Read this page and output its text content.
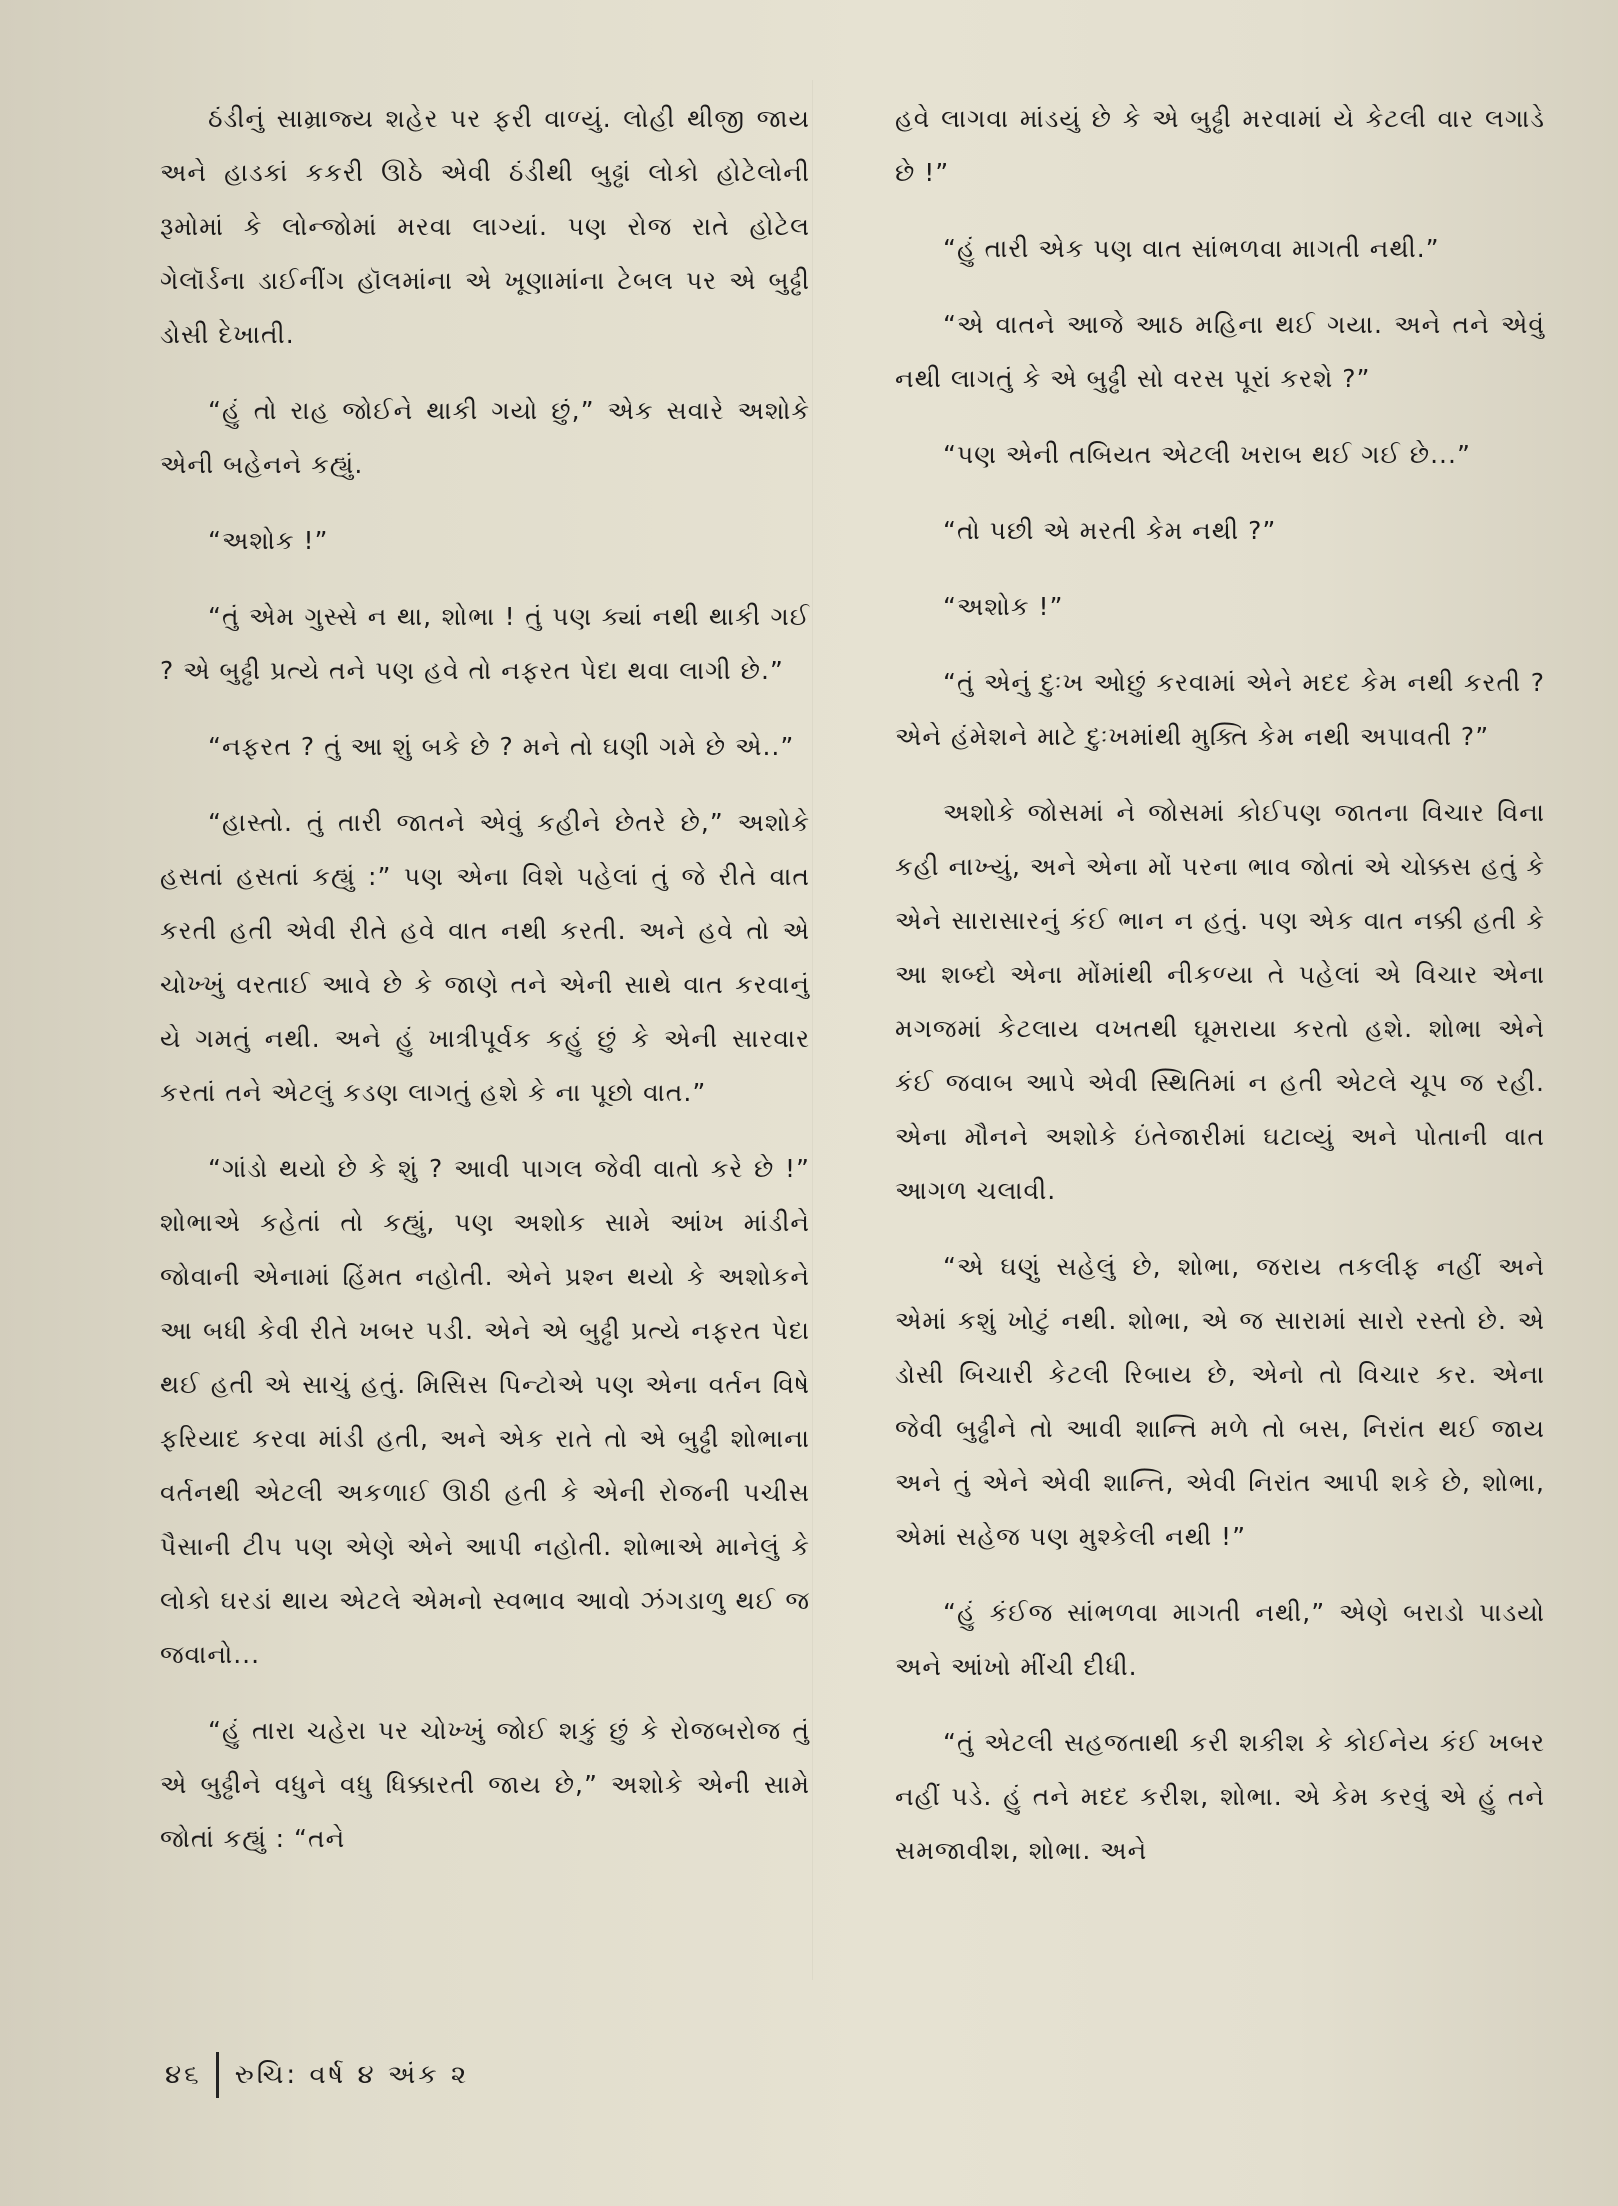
ઠંડીનું સામ્રાજ્ય શહેર પર ફરી વાળ્યું. લોહી થીજી જાય અને હાડકાં કકરી ઊઠે એવી ઠંડીથી બુઢ્ઢાં લોકો હોટેલોની રૂમોમાં કે લોન્જોમાં મરવા લાગ્યાં. પણ રોજ રાતે હોટેલ ગેલૉર્ડના ડાઈનીંગ હૉલમાંના એ ખૂણામાંના ટેબલ પર એ બુઢ્ઢી ડોસી દેખાતી.

“હું તો રાહ જોઈને થાકી ગયો છું,” એક સવારે અશોકે એની બહેનને કહ્યું.

“અશોક !”

“તું એમ ગુસ્સે ન થા, શોભા ! તું પણ ક્યાં નથી થાકી ગઈ ? એ બુઢ્ઢી પ્રત્યે તને પણ હવે તો નફરત પેદા થવા લાગી છે.”

“નફરત ? તું આ શું બકે છે ? મને તો ઘણી ગમે છે એ..”

“હાસ્તો. તું તારી જાતને એવું કહીને છેતરે છે,” અશોકે હસતાં હસતાં કહ્યું :” પણ એના વિશે પહેલાં તું જે રીતે વાત કરતી હતી એવી રીતે હવે વાત નથી કરતી. અને હવે તો એ ચોખ્ખું વરતાઈ આવે છે કે જાણે તને એની સાથે વાત કરવાનું યે ગમતું નથી. અને હું ખાત્રીપૂર્વક કહું છું કે એની સારવાર કરતાં તને એટલું કડણ લાગતું હશે કે ના પૂછો વાત.”

“ગાંડો થયો છે કે શું ? આવી પાગલ જેવી વાતો કરે છે !” શોભાએ કહેતાં તો કહ્યું, પણ અશોક સામે આંખ માંડીને જોવાની એનામાં હિંમત નહોતી. એને પ્રશ્ન થયો કે અશોકને આ બધી કેવી રીતે ખબર પડી. એને એ બુઢ્ઢી પ્રત્યે નફરત પેદા થઈ હતી એ સાચું હતું. મિસિસ પિન્ટોએ પણ એના વર્તન વિષે ફરિયાદ કરવા માંડી હતી, અને એક રાતે તો એ બુઢ્ઢી શોભાના વર્તનથી એટલી અકળાઈ ઊઠી હતી કે એની રોજની પચીસ પૈસાની ટીપ પણ એણે એને આપી નહોતી. શોભાએ માનેલું કે લોકો ઘરડાં થાય એટલે એમનો સ્વભાવ આવો ઝંગડાળુ થઈ જ જવાનો...

“હું તારા ચહેરા પર ચોખ્ખું જોઈ શકું છું કે રોજબરોજ તું એ બુઢ્ઢીને વધુને વધુ ધિક્કારતી જાય છે,” અશોકે એની સામે જોતાં કહ્યું : “તને

હવે લાગવા માંડયું છે કે એ બુઢ્ઢી મરવામાં યે કેટલી વાર લગાડે છે !”

“હું તારી એક પણ વાત સાંભળવા માગતી નથી.”

“એ વાતને આજે આઠ મહિના થઈ ગયા. અને તને એવું નથી લાગતું કે એ બુઢ્ઢી સો વરસ પૂરાં કરશે ?”

“પણ એની તબિયત એટલી ખરાબ થઈ ગઈ છે...”

“તો પછી એ મરતી કેમ નથી ?”

“અશોક !”

“તું એનું દુઃખ ઓછું કરવામાં એને મદદ કેમ નથી કરતી ? એને હંમેશને માટે દુઃખમાંથી મુક્તિ કેમ નથી અપાવતી ?”

અશોકે જોસમાં ને જોસમાં કોઈપણ જાતના વિચાર વિના કહી નાખ્યું, અને એના મોં પરના ભાવ જોતાં એ ચોક્કસ હતું કે એને સારાસારનું કંઈ ભાન ન હતું. પણ એક વાત નક્કી હતી કે આ શબ્દો એના મોંમાંથી નીકળ્યા તે પહેલાં એ વિચાર એના મગજમાં કેટલાય વખતથી ઘૂમરાયા કરતો હશે. શોભા એને કંઈ જવાબ આપે એવી સ્થિતિમાં ન હતી એટલે ચૂપ જ રહી. એના મૌનને અશોકે ઇંતેજારીમાં ઘટાવ્યું અને પોતાની વાત આગળ ચલાવી.

“એ ઘણું સહેલું છે, શોભા, જરાય તકલીફ નહીં અને એમાં કશું ખોટું નથી. શોભા, એ જ સારામાં સારો રસ્તો છે. એ ડોસી બિચારી કેટલી રિબાય છે, એનો તો વિચાર કર. એના જેવી બુઢ્ઢીને તો આવી શાન્તિ મળે તો બસ, નિરાંત થઈ જાય અને તું એને એવી શાન્તિ, એવી નિરાંત આપી શકે છે, શોભા, એમાં સહેજ પણ મુશ્કેલી નથી !”

“હું કંઈજ સાંભળવા માગતી નથી,” એણે બરાડો પાડયો અને આંખો મીંચી દીધી.

“તું એટલી સહજતાથી કરી શકીશ કે કોઈનેય કંઈ ખબર નહીં પડે. હું તને મદદ કરીશ, શોભા. એ કેમ કરવું એ હું તને સમજાવીશ, શોભા. અને

૪૬ રુચિ: વર્ષ ૪ અંક ૨
